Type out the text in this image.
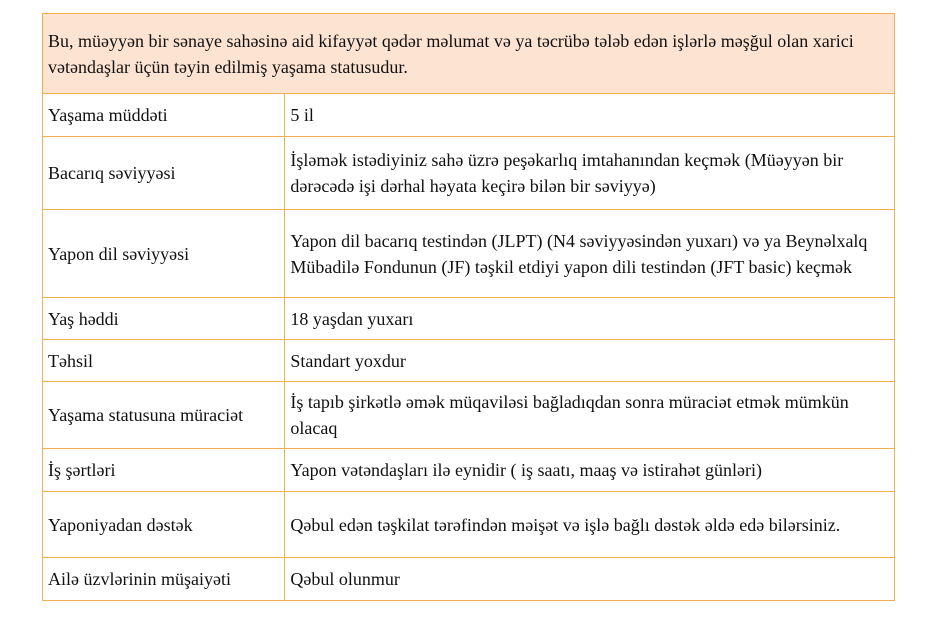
Bu, müəyyən bir sənaye sahəsinə aid kifayyət qədər məlumat və ya təcrübə tələb edən işlərlə məşğul olan xarici vətəndaşlar üçün təyin edilmiş yaşama statusudur.	
Yaşama müddəti	5 il
Bacarıq səviyyəsi	İşləmək istədiyiniz sahə üzrə peşəkarlıq imtahanından keçmək (Müəyyən bir dərəcədə işi dərhal həyata keçirə bilən bir səviyyə)
Yapon dil səviyyəsi	Yapon dil bacarıq testindən (JLPT) (N4 səviyyəsindən yuxarı) və ya Beynəlxalq Mübadilə Fondunun (JF) təşkil etdiyi yapon dili testindən (JFT basic) keçmək
Yaş həddi	18 yaşdan yuxarı
Təhsil	Standart yoxdur
Yaşama statusuna müraciət	İş tapıb şirkətlə əmək müqaviləsi bağladıqdan sonra müraciət etmək mümkün olacaq
İş şərtləri	Yapon vətəndaşları ilə eynidir ( iş saatı, maaş və istirahət günləri)
Yaponiyadan dəstək	Qəbul edən təşkilat tərəfindən məişət və işlə bağlı dəstək əldə edə bilərsiniz.
Ailə üzvlərinin müşaiyəti	Qəbul olunmur
